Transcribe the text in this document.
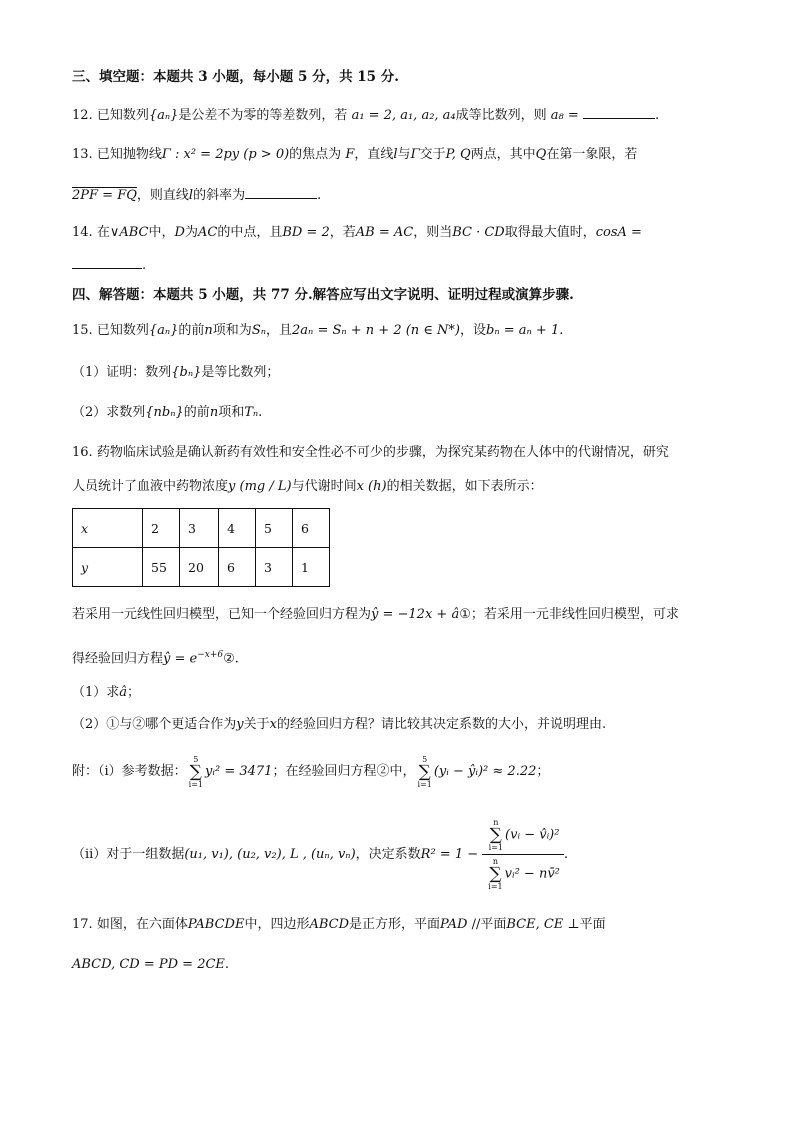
三、填空题：本题共 3 小题，每小题 5 分，共 15 分.
12. 已知数列{aₙ}是公差不为零的等差数列，若 a₁ = 2, a₁, a₂, a₄成等比数列，则 a₈ =	.
13. 已知抛物线Γ : x² = 2py (p > 0)的焦点为 F，直线l与Γ交于P, Q两点，其中Q在第一象限，若
2PF = FQ，则直线l的斜率为	.
14. 在∨ABC中，D为AC的中点，且BD = 2，若AB = AC，则当BC · CD取得最大值时，cosA =
.
四、解答题：本题共 5 小题，共 77 分.解答应写出文字说明、证明过程或演算步骤.
15. 已知数列{aₙ}的前n项和为Sₙ，且2aₙ = Sₙ + n + 2 (n ∈ N*)，设bₙ = aₙ + 1.
（1）证明：数列{bₙ}是等比数列；
（2）求数列{nbₙ}的前n项和Tₙ.
16. 药物临床试验是确认新药有效性和安全性必不可少的步骤，为探究某药物在人体中的代谢情况，研究
人员统计了血液中药物浓度y (mg / L)与代谢时间x (h)的相关数据，如下表所示：
x	2	3	4	5	6
y	55	20	6	3	1
若采用一元线性回归模型，已知一个经验回归方程为ŷ = −12x + â①；若采用一元非线性回归模型，可求
得经验回归方程ŷ = $e^{-x+6}②$.
（1）求â；
（2）①与②哪个更适合作为y关于x的经验回归方程？请比较其决定系数的大小，并说明理由.
附：（i）参考数据：
5
∑
i=1
yᵢ² = 3471；在经验回归方程②中，
5
∑
i=1
(yᵢ − ŷᵢ)² ≈ 2.22；
（ii）对于一组数据(u₁, v₁), (u₂, v₂), L , (uₙ, vₙ)，决定系数R² = 1 − n
∑
i=1
(vᵢ − v̂ᵢ)²
n
∑
i=1
vᵢ² − nv̄² .
17. 如图，在六面体PABCDE中，四边形ABCD是正方形，平面PAD //平面BCE, CE ⊥平面
ABCD, CD = PD = 2CE.
